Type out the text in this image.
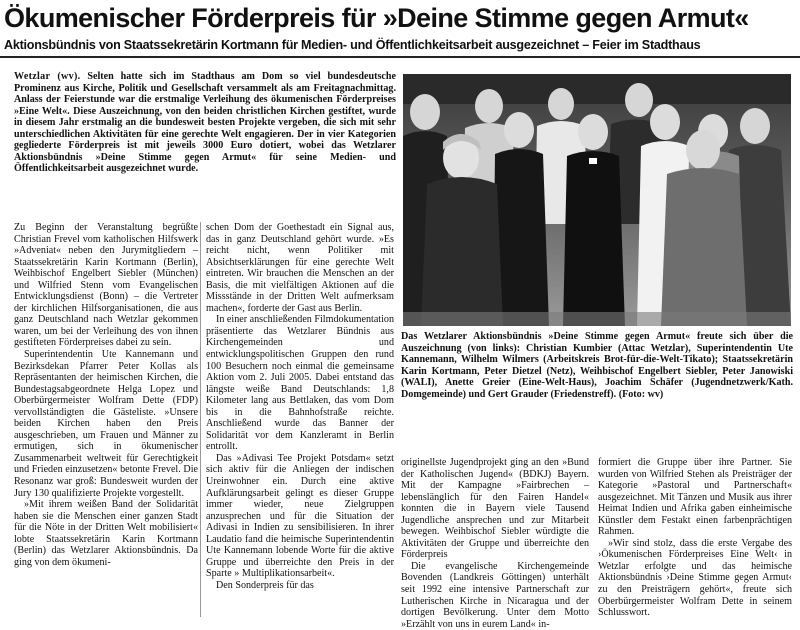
Ökumenischer Förderpreis für »Deine Stimme gegen Armut«
Aktionsbündnis von Staatssekretärin Kortmann für Medien- und Öffentlichkeitsarbeit ausgezeichnet – Feier im Stadthaus
Wetzlar (wv). Selten hatte sich im Stadthaus am Dom so viel bundesdeutsche Prominenz aus Kirche, Politik und Gesellschaft versammelt als am Freitagnachmittag. Anlass der Feierstunde war die erstmalige Verleihung des ökumenischen Förderpreises »Eine Welt«. Diese Auszeichnung, von den beiden christlichen Kirchen gestiftet, wurde in diesem Jahr erstmalig an die bundesweit besten Projekte vergeben, die sich mit sehr unterschiedlichen Aktivitäten für eine gerechte Welt engagieren. Der in vier Kategorien gegliederte Förderpreis ist mit jeweils 3000 Euro dotiert, wobei das Wetzlarer Aktionsbündnis »Deine Stimme gegen Armut« für seine Medien- und Öffentlichkeitsarbeit ausgezeichnet wurde.

Zu Beginn der Veranstaltung begrüßte Christian Frevel vom katholischen Hilfswerk »Adveniat« neben den Jurymitgliedern – Staatssekretärin Karin Kortmann (Berlin), Weihbischof Engelbert Siebler (München) und Wilfried Stenn vom Evangelischen Entwicklungsdienst (Bonn) – die Vertreter der kirchlichen Hilfsorganisationen, die aus ganz Deutschland nach Wetzlar gekommen waren, um bei der Verleihung des von ihnen gestifteten Förderpreises dabei zu sein.

Superintendentin Ute Kannemann und Bezirksdekan Pfarrer Peter Kollas als Repräsentanten der heimischen Kirchen, die Bundestagsabgeordnete Helga Lopez und Oberbürgermeister Wolfram Dette (FDP) vervollständigten die Gästeliste. »Unsere beiden Kirchen haben den Preis ausgeschrieben, um Frauen und Männer zu ermutigen, sich in ökumenischer Zusammenarbeit weltweit für Gerechtigkeit und Frieden einzusetzen« betonte Frevel. Die Resonanz war groß: Bundesweit wurden der Jury 130 qualifizierte Projekte vorgestellt.

»Mit ihrem weißen Band der Solidarität haben sie die Menschen einer ganzen Stadt für die Nöte in der Dritten Welt mobilisiert« lobte Staatssekretärin Karin Kortmann (Berlin) das Wetzlarer Aktionsbündnis. Da ging von dem ökumeni-

schen Dom der Goethestadt ein Signal aus, das in ganz Deutschland gehört wurde. »Es reicht nicht, wenn Politiker mit Absichtserklärungen für eine gerechte Welt eintreten. Wir brauchen die Menschen an der Basis, die mit vielfältigen Aktionen auf die Missstände in der Dritten Welt aufmerksam machen«, forderte der Gast aus Berlin.

In einer anschließenden Filmdokumentation präsentierte das Wetzlarer Bündnis aus Kirchengemeinden und entwicklungspolitischen Gruppen den rund 100 Besuchern noch einmal die gemeinsame Aktion vom 2. Juli 2005. Dabei entstand das längste weiße Band Deutschlands: 1,8 Kilometer lang aus Bettlaken, das vom Dom bis in die Bahnhofstraße reichte. Anschließend wurde das Banner der Solidarität vor dem Kanzleramt in Berlin entrollt.

Das »Adivasi Tee Projekt Potsdam« setzt sich aktiv für die Anliegen der indischen Ureinwohner ein. Durch eine aktive Aufklärungsarbeit gelingt es dieser Gruppe immer wieder, neue Zielgruppen anzusprechen und für die Situation der Adivasi in Indien zu sensibilisieren. In ihrer Laudatio fand die heimische Superintendentin Ute Kannemann lobende Worte für die aktive Gruppe und überreichte den Preis in der Sparte » Multiplikationsarbeit«.

Den Sonderpreis für das

Das Wetzlarer Aktionsbündnis »Deine Stimme gegen Armut« freute sich über die Auszeichnung (von links): Christian Kumbier (Attac Wetzlar), Superintendentin Ute Kannemann, Wilhelm Wilmers (Arbeitskreis Brot-für-die-Welt-Tikato); Staatssekretärin Karin Kortmann, Peter Dietzel (Netz), Weihbischof Engelbert Siebler, Peter Janowiski (WALI), Anette Greier (Eine-Welt-Haus), Joachim Schäfer (Jugendnetzwerk/Kath. Domgemeinde) und Gert Grauder (Friedenstreff). (Foto: wv)

originellste Jugendprojekt ging an den »Bund der Katholischen Jugend« (BDKJ) Bayern. Mit der Kampagne »Fairbrechen – lebenslänglich für den Fairen Handel« konnten die in Bayern viele Tausend Jugendliche ansprechen und zur Mitarbeit bewegen. Weihbischof Siebler würdigte die Aktivitäten der Gruppe und überreichte den Förderpreis

Die evangelische Kirchengemeinde Bovenden (Landkreis Göttingen) unterhält seit 1992 eine intensive Partnerschaft zur Lutherischen Kirche in Nicaragua und der dortigen Bevölkerung. Unter dem Motto »Erzählt von uns in eurem Land« in-

formiert die Gruppe über ihre Partner. Sie wurden von Wilfried Stehen als Preisträger der Kategorie »Pastoral und Partnerschaft« ausgezeichnet. Mit Tänzen und Musik aus ihrer Heimat Indien und Afrika gaben einheimische Künstler dem Festakt einen farbenprächtigen Rahmen.

»Wir sind stolz, dass die erste Vergabe des ›Ökumenischen Förderpreises Eine Welt‹ in Wetzlar erfolgte und das heimische Aktionsbündnis ›Deine Stimme gegen Armut‹ zu den Preisträgern gehört«, freute sich Oberbürgermeister Wolfram Dette in seinem Schlusswort.
